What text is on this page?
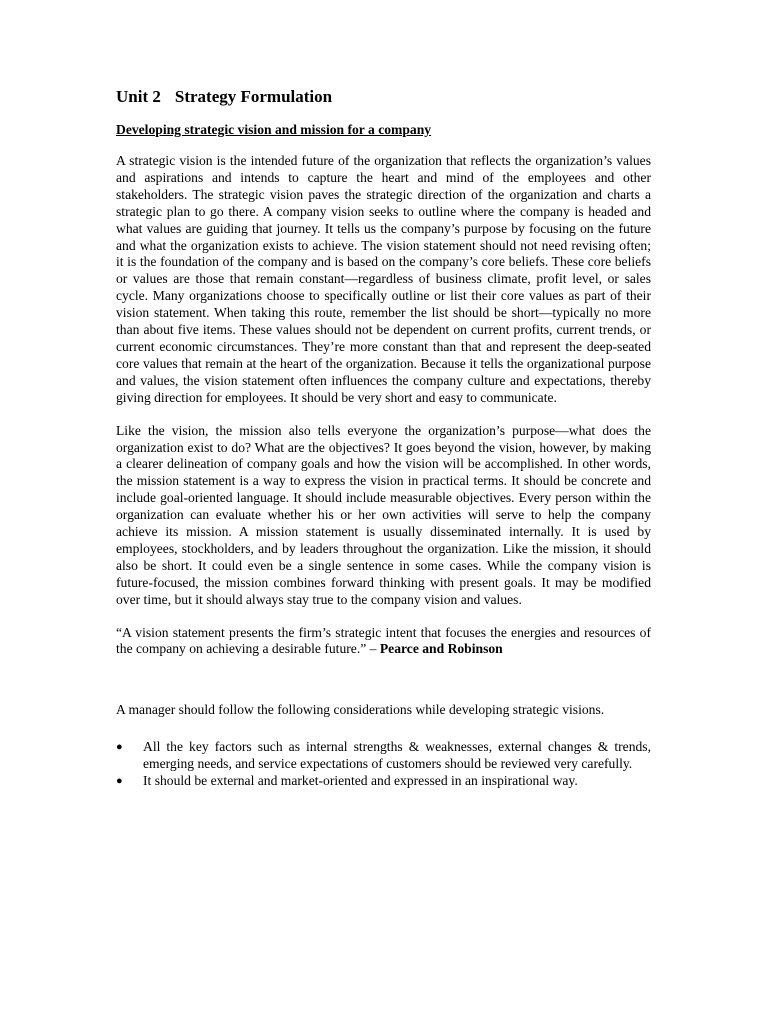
Unit 2 Strategy Formulation
Developing strategic vision and mission for a company

A strategic vision is the intended future of the organization that reflects the organization’s values and aspirations and intends to capture the heart and mind of the employees and other stakeholders. The strategic vision paves the strategic direction of the organization and charts a strategic plan to go there. A company vision seeks to outline where the company is headed and what values are guiding that journey. It tells us the company’s purpose by focusing on the future and what the organization exists to achieve. The vision statement should not need revising often; it is the foundation of the company and is based on the company’s core beliefs. These core beliefs or values are those that remain constant—regardless of business climate, profit level, or sales cycle. Many organizations choose to specifically outline or list their core values as part of their vision statement. When taking this route, remember the list should be short—typically no more than about five items. These values should not be dependent on current profits, current trends, or current economic circumstances. They’re more constant than that and represent the deep-seated core values that remain at the heart of the organization. Because it tells the organizational purpose and values, the vision statement often influences the company culture and expectations, thereby giving direction for employees. It should be very short and easy to communicate.

Like the vision, the mission also tells everyone the organization’s purpose—what does the organization exist to do? What are the objectives? It goes beyond the vision, however, by making a clearer delineation of company goals and how the vision will be accomplished. In other words, the mission statement is a way to express the vision in practical terms. It should be concrete and include goal-oriented language. It should include measurable objectives. Every person within the organization can evaluate whether his or her own activities will serve to help the company achieve its mission. A mission statement is usually disseminated internally. It is used by employees, stockholders, and by leaders throughout the organization. Like the mission, it should also be short. It could even be a single sentence in some cases. While the company vision is future-focused, the mission combines forward thinking with present goals. It may be modified over time, but it should always stay true to the company vision and values.

“A vision statement presents the firm’s strategic intent that focuses the energies and resources of the company on achieving a desirable future.” – Pearce and Robinson

A manager should follow the following considerations while developing strategic visions.

● All the key factors such as internal strengths & weaknesses, external changes & trends, emerging needs, and service expectations of customers should be reviewed very carefully.
● It should be external and market-oriented and expressed in an inspirational way.
